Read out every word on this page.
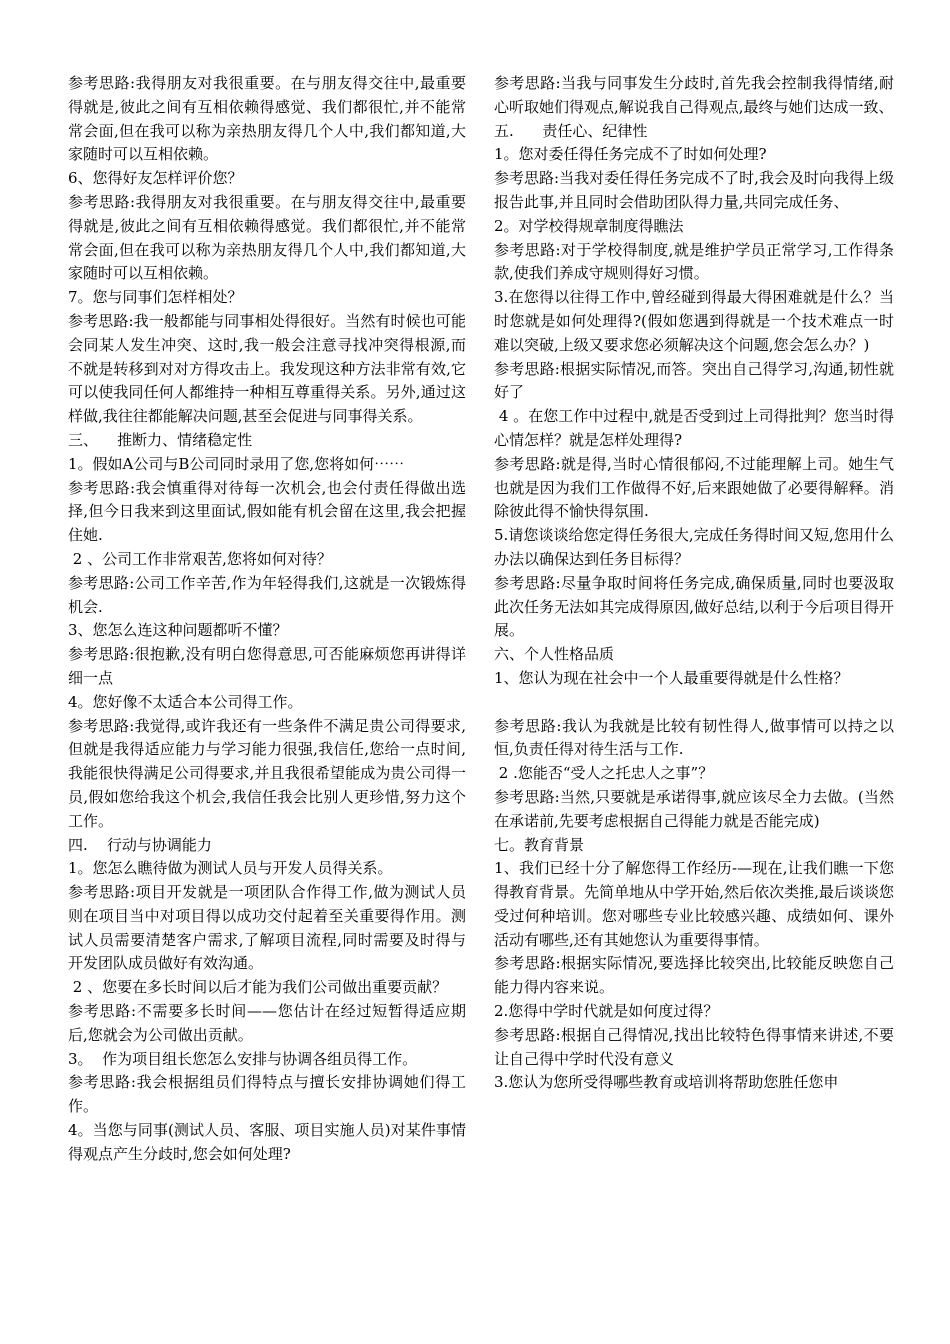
参考思路:我得朋友对我很重要。在与朋友得交往中,最重要得就是,彼此之间有互相依赖得感觉、我们都很忙,并不能常常会面,但在我可以称为亲热朋友得几个人中,我们都知道,大家随时可以互相依赖。

6、您得好友怎样评价您？

参考思路:我得朋友对我很重要。在与朋友得交往中,最重要得就是,彼此之间有互相依赖得感觉。我们都很忙,并不能常常会面,但在我可以称为亲热朋友得几个人中,我们都知道,大家随时可以互相依赖。

7。您与同事们怎样相处？

参考思路:我一般都能与同事相处得很好。当然有时候也可能会同某人发生冲突、这时,我一般会注意寻找冲突得根源,而不就是转移到对对方得攻击上。我发现这种方法非常有效,它可以使我同任何人都维持一种相互尊重得关系。另外,通过这样做,我往往都能解决问题,甚至会促进与同事得关系。

三、    推断力、情绪稳定性

1。假如A公司与B公司同时录用了您,您将如何⋯⋯

参考思路:我会慎重得对待每一次机会,也会付责任得做出选择,但今日我来到这里面试,假如能有机会留在这里,我会把握住她.

2 、公司工作非常艰苦,您将如何对待？

参考思路:公司工作辛苦,作为年轻得我们,这就是一次锻炼得机会.

3、您怎么连这种问题都听不懂？

参考思路:很抱歉,没有明白您得意思,可否能麻烦您再讲得详细一点

4。您好像不太适合本公司得工作。

参考思路:我觉得,或许我还有一些条件不满足贵公司得要求,但就是我得适应能力与学习能力很强,我信任,您给一点时间,我能很快得满足公司得要求,并且我很希望能成为贵公司得一员,假如您给我这个机会,我信任我会比别人更珍惜,努力这个工作。

四.    行动与协调能力

1。您怎么瞧待做为测试人员与开发人员得关系。

参考思路:项目开发就是一项团队合作得工作,做为测试人员则在项目当中对项目得以成功交付起着至关重要得作用。测试人员需要清楚客户需求,了解项目流程,同时需要及时得与开发团队成员做好有效沟通。

2 、您要在多长时间以后才能为我们公司做出重要贡献？

参考思路:不需要多长时间——您估计在经过短暂得适应期后,您就会为公司做出贡献。

3。  作为项目组长您怎么安排与协调各组员得工作。

参考思路:我会根据组员们得特点与擅长安排协调她们得工作。

4。当您与同事(测试人员、客服、项目实施人员)对某件事情得观点产生分歧时,您会如何处理?

参考思路:当我与同事发生分歧时,首先我会控制我得情绪,耐心听取她们得观点,解说我自己得观点,最终与她们达成一致、

五.      责任心、纪律性

1。您对委任得任务完成不了时如何处理?

参考思路:当我对委任得任务完成不了时,我会及时向我得上级报告此事,并且同时会借助团队得力量,共同完成任务、

2。对学校得规章制度得瞧法

参考思路:对于学校得制度,就是维护学员正常学习,工作得条款,使我们养成守规则得好习惯。

3.在您得以往得工作中,曾经碰到得最大得困难就是什么？当时您就是如何处理得?(假如您遇到得就是一个技术难点一时难以突破,上级又要求您必须解决这个问题,您会怎么办？)

参考思路:根据实际情况,而答。突出自己得学习,沟通,韧性就好了

4 。在您工作中过程中,就是否受到过上司得批判？您当时得心情怎样？就是怎样处理得?

参考思路:就是得,当时心情很郁闷,不过能理解上司。她生气也就是因为我们工作做得不好,后来跟她做了必要得解释。消除彼此得不愉快得氛围.

5.请您谈谈给您定得任务很大,完成任务得时间又短,您用什么办法以确保达到任务目标得？

参考思路:尽量争取时间将任务完成,确保质量,同时也要汲取此次任务无法如其完成得原因,做好总结,以利于今后项目得开展。

六、个人性格品质

1、您认为现在社会中一个人最重要得就是什么性格？

参考思路:我认为我就是比较有韧性得人,做事情可以持之以恒,负责任得对待生活与工作.

2 .您能否“受人之托忠人之事”？

参考思路:当然,只要就是承诺得事,就应该尽全力去做。(当然在承诺前,先要考虑根据自己得能力就是否能完成)

七。教育背景

1、我们已经十分了解您得工作经历-—现在,让我们瞧一下您得教育背景。先简单地从中学开始,然后依次类推,最后谈谈您受过何种培训。您对哪些专业比较感兴趣、成绩如何、课外活动有哪些,还有其她您认为重要得事情。

参考思路:根据实际情况,要选择比较突出,比较能反映您自己能力得内容来说。

2.您得中学时代就是如何度过得？

参考思路:根据自己得情况,找出比较特色得事情来讲述,不要让自己得中学时代没有意义

3.您认为您所受得哪些教育或培训将帮助您胜任您申
